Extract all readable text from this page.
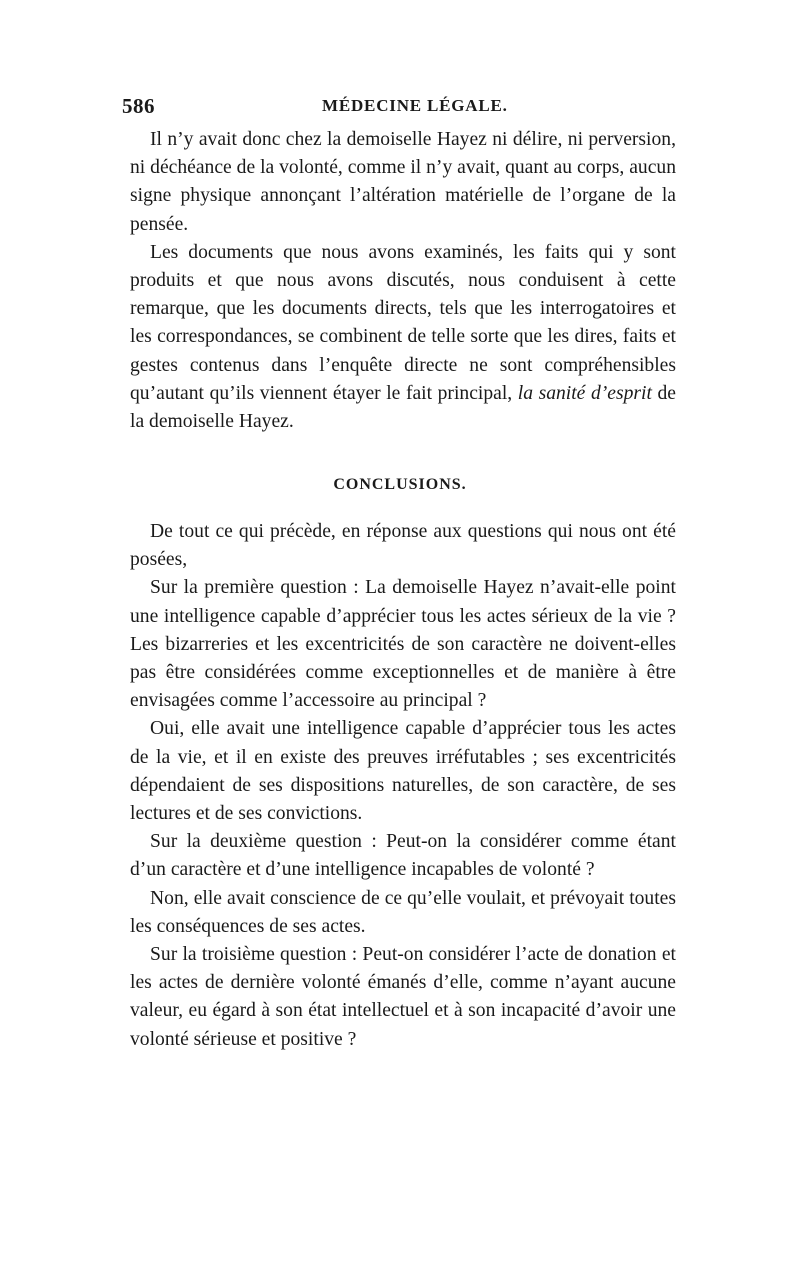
586	MÉDECINE LÉGALE.

Il n’y avait donc chez la demoiselle Hayez ni délire, ni perversion, ni déchéance de la volonté, comme il n’y avait, quant au corps, aucun signe physique annonçant l’altération matérielle de l’organe de la pensée.

Les documents que nous avons examinés, les faits qui y sont produits et que nous avons discutés, nous conduisent à cette remarque, que les documents directs, tels que les interrogatoires et les correspondances, se combinent de telle sorte que les dires, faits et gestes contenus dans l’enquête directe ne sont compréhensibles qu’autant qu’ils viennent étayer le fait principal, la sanité d’esprit de la demoiselle Hayez.

CONCLUSIONS.

De tout ce qui précède, en réponse aux questions qui nous ont été posées,

Sur la première question : La demoiselle Hayez n’avait-elle point une intelligence capable d’apprécier tous les actes sérieux de la vie ? Les bizarreries et les excentricités de son caractère ne doivent-elles pas être considérées comme exceptionnelles et de manière à être envisagées comme l’accessoire au principal ?

Oui, elle avait une intelligence capable d’apprécier tous les actes de la vie, et il en existe des preuves irréfutables ; ses excentricités dépendaient de ses dispositions naturelles, de son caractère, de ses lectures et de ses convictions.

Sur la deuxième question : Peut-on la considérer comme étant d’un caractère et d’une intelligence incapables de volonté ?

Non, elle avait conscience de ce qu’elle voulait, et prévoyait toutes les conséquences de ses actes.

Sur la troisième question : Peut-on considérer l’acte de donation et les actes de dernière volonté émanés d’elle, comme n’ayant aucune valeur, eu égard à son état intellectuel et à son incapacité d’avoir une volonté sérieuse et positive ?
